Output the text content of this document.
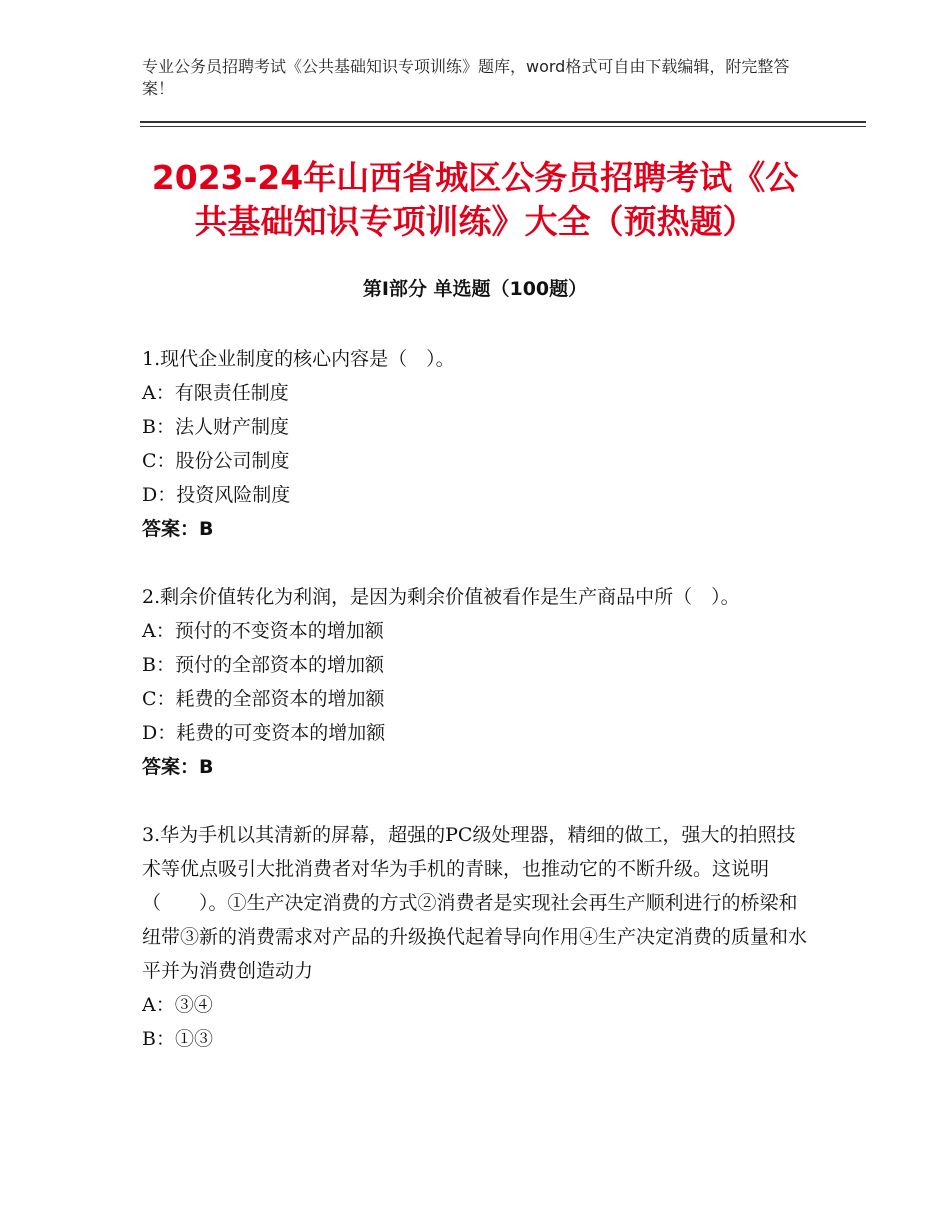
专业公务员招聘考试《公共基础知识专项训练》题库，word格式可自由下载编辑，附完整答案！
2023-24年山西省城区公务员招聘考试《公共基础知识专项训练》大全（预热题）
第Ⅰ部分 单选题（100题）
1.现代企业制度的核心内容是（　）。
A：有限责任制度
B：法人财产制度
C：股份公司制度
D：投资风险制度
答案：B
2.剩余价值转化为利润，是因为剩余价值被看作是生产商品中所（　）。
A：预付的不变资本的增加额
B：预付的全部资本的增加额
C：耗费的全部资本的增加额
D：耗费的可变资本的增加额
答案：B
3.华为手机以其清新的屏幕，超强的PC级处理器，精细的做工，强大的拍照技术等优点吸引大批消费者对华为手机的青睐，也推动它的不断升级。这说明（　　）。①生产决定消费的方式②消费者是实现社会再生产顺利进行的桥梁和纽带③新的消费需求对产品的升级换代起着导向作用④生产决定消费的质量和水平并为消费创造动力
A：③④
B：①③
